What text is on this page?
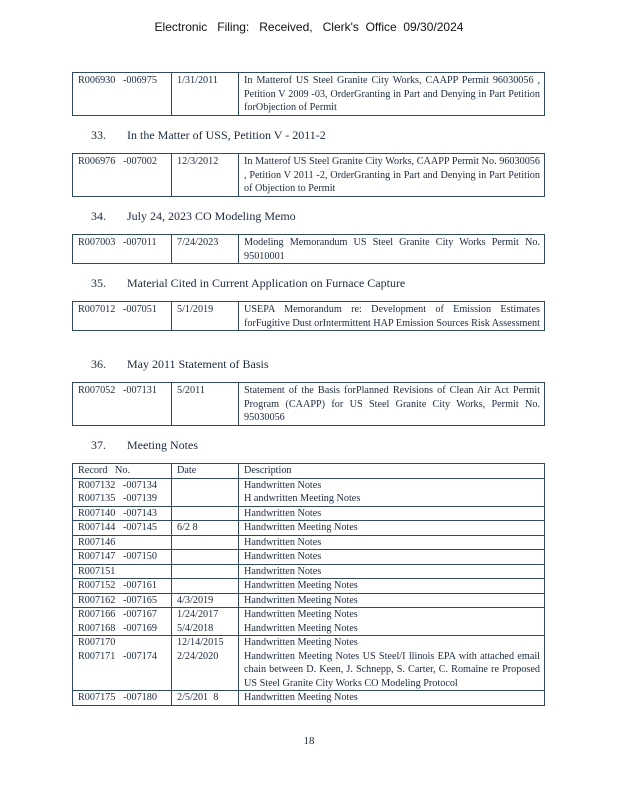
Electronic   Filing:   Received,   Clerk's  Office  09/30/2024
R006930   -006975	1/31/2011	In Matterof US Steel Granite City Works, CAAPP Permit 96030056 , Petition V 2009 -03, OrderGranting in Part and Denying in Part Petition forObjection of Permit
33. In the Matter of USS, Petition V - 2011-2
R006976   -007002	12/3/2012	In Matterof US Steel Granite City Works, CAAPP Permit No. 96030056 , Petition V 2011 -2, OrderGranting in Part and Denying in Part Petition of Objection to Permit
34. July 24, 2023 CO Modeling Memo
R007003   -007011	7/24/2023	Modeling Memorandum US Steel Granite City Works Permit No. 95010001
35. Material Cited in Current Application on Furnace Capture
R007012   -007051	5/1/2019	USEPA Memorandum re: Development of Emission Estimates forFugitive Dust orIntermittent HAP Emission Sources Risk Assessment
36. May 2011 Statement of Basis
R007052   -007131	5/2011	Statement of the Basis forPlanned Revisions of Clean Air Act Permit Program (CAAPP) for US Steel Granite City Works, Permit No. 95030056
37. Meeting Notes
Record   No.	Date	Description
R007132   -007134		Handwritten Notes
R007135   -007139		H andwritten Meeting Notes
R007140   -007143		Handwritten Notes
R007144   -007145	6/2 8	Handwritten Meeting Notes
R007146		Handwritten Notes
R007147   -007150		Handwritten Notes
R007151		Handwritten Notes
R007152   -007161		Handwritten Meeting Notes
R007162   -007165	4/3/2019	Handwritten Meeting Notes
R007166   -007167	1/24/2017	Handwritten Meeting Notes
R007168   -007169	5/4/2018	Handwritten Meeting Notes
R007170	12/14/2015	Handwritten Meeting Notes
R007171   -007174	2/24/2020	Handwritten Meeting Notes US Steel/I llinois EPA with attached email chain between D. Keen, J. Schnepp, S. Carter, C. Romaine re Proposed US Steel Granite City Works CO Modeling Protocol
R007175   -007180	2/5/201  8	Handwritten Meeting Notes
18
